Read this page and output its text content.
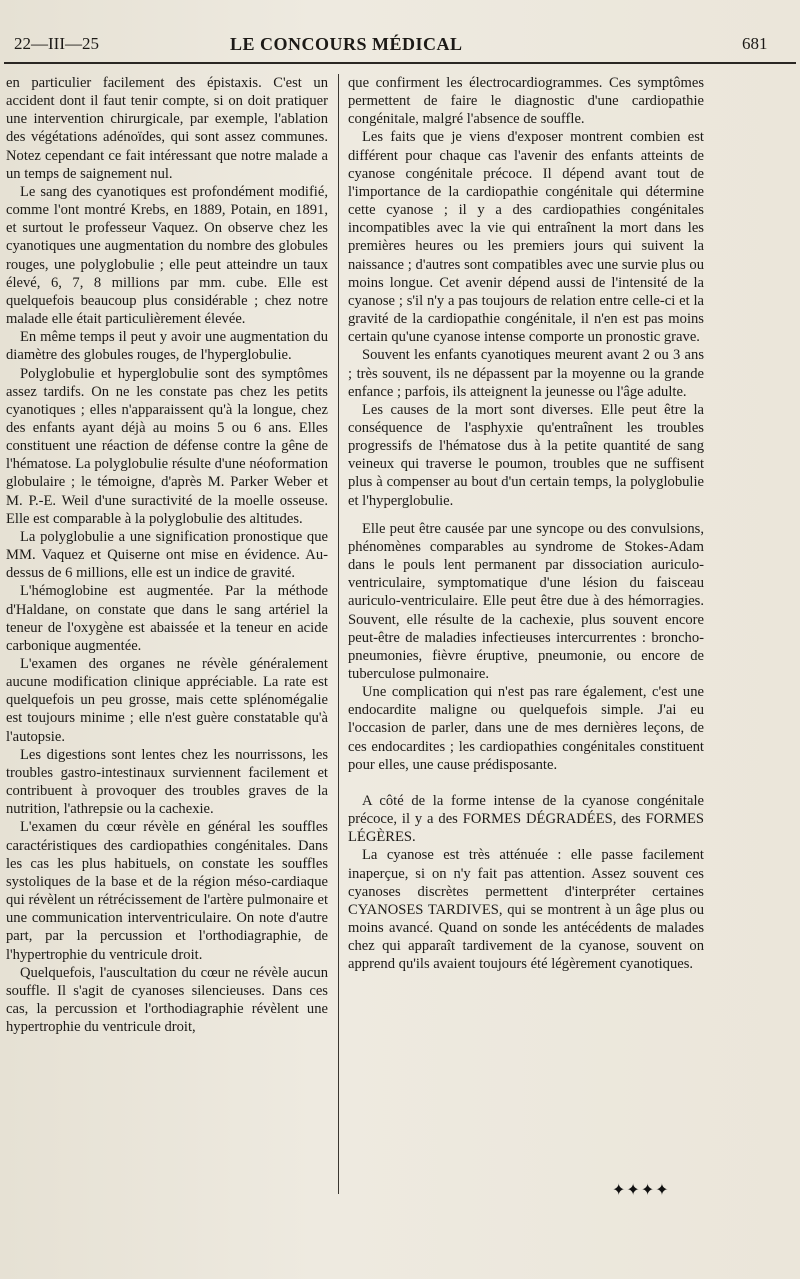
22—III—25	LE CONCOURS MÉDICAL	681

en particulier facilement des épistaxis. C'est un accident dont il faut tenir compte, si on doit pratiquer une intervention chirurgicale, par exemple, l'ablation des végétations adénoïdes, qui sont assez communes. Notez cependant ce fait intéressant que notre malade a un temps de saignement nul.

Le sang des cyanotiques est profondément modifié, comme l'ont montré Krebs, en 1889, Potain, en 1891, et surtout le professeur Vaquez. On observe chez les cyanotiques une augmentation du nombre des globules rouges, une polyglobulie ; elle peut atteindre un taux élevé, 6, 7, 8 millions par mm. cube. Elle est quelquefois beaucoup plus considérable ; chez notre malade elle était particulièrement élevée.

En même temps il peut y avoir une augmentation du diamètre des globules rouges, de l'hyperglobulie.

Polyglobulie et hyperglobulie sont des symptômes assez tardifs. On ne les constate pas chez les petits cyanotiques ; elles n'apparaissent qu'à la longue, chez des enfants ayant déjà au moins 5 ou 6 ans. Elles constituent une réaction de défense contre la gêne de l'hématose. La polyglobulie résulte d'une néoformation globulaire ; le témoigne, d'après M. Parker Weber et M. P.-E. Weil d'une suractivité de la moelle osseuse. Elle est comparable à la polyglobulie des altitudes.

La polyglobulie a une signification pronostique que MM. Vaquez et Quiserne ont mise en évidence. Au-dessus de 6 millions, elle est un indice de gravité.

L'hémoglobine est augmentée. Par la méthode d'Haldane, on constate que dans le sang artériel la teneur de l'oxygène est abaissée et la teneur en acide carbonique augmentée.

L'examen des organes ne révèle généralement aucune modification clinique appréciable. La rate est quelquefois un peu grosse, mais cette splénomégalie est toujours minime ; elle n'est guère constatable qu'à l'autopsie.

Les digestions sont lentes chez les nourrissons, les troubles gastro-intestinaux surviennent facilement et contribuent à provoquer des troubles graves de la nutrition, l'athrepsie ou la cachexie.

L'examen du cœur révèle en général les souffles caractéristiques des cardiopathies congénitales. Dans les cas les plus habituels, on constate les souffles systoliques de la base et de la région méso-cardiaque qui révèlent un rétrécissement de l'artère pulmonaire et une communication interventriculaire. On note d'autre part, par la percussion et l'orthodiagraphie, de l'hypertrophie du ventricule droit.

Quelquefois, l'auscultation du cœur ne révèle aucun souffle. Il s'agit de cyanoses silencieuses. Dans ces cas, la percussion et l'orthodiagraphie révèlent une hypertrophie du ventricule droit,

que confirment les électrocardiogrammes. Ces symptômes permettent de faire le diagnostic d'une cardiopathie congénitale, malgré l'absence de souffle.

Les faits que je viens d'exposer montrent combien est différent pour chaque cas l'avenir des enfants atteints de cyanose congénitale précoce. Il dépend avant tout de l'importance de la cardiopathie congénitale qui détermine cette cyanose ; il y a des cardiopathies congénitales incompatibles avec la vie qui entraînent la mort dans les premières heures ou les premiers jours qui suivent la naissance ; d'autres sont compatibles avec une survie plus ou moins longue. Cet avenir dépend aussi de l'intensité de la cyanose ; s'il n'y a pas toujours de relation entre celle-ci et la gravité de la cardiopathie congénitale, il n'en est pas moins certain qu'une cyanose intense comporte un pronostic grave.

Souvent les enfants cyanotiques meurent avant 2 ou 3 ans ; très souvent, ils ne dépassent par la moyenne ou la grande enfance ; parfois, ils atteignent la jeunesse ou l'âge adulte.

Les causes de la mort sont diverses. Elle peut être la conséquence de l'asphyxie qu'entraînent les troubles progressifs de l'hématose dus à la petite quantité de sang veineux qui traverse le poumon, troubles que ne suffisent plus à compenser au bout d'un certain temps, la polyglobulie et l'hyperglobulie.

Elle peut être causée par une syncope ou des convulsions, phénomènes comparables au syndrome de Stokes-Adam dans le pouls lent permanent par dissociation auriculo-ventriculaire, symptomatique d'une lésion du faisceau auriculo-ventriculaire. Elle peut être due à des hémorragies. Souvent, elle résulte de la cachexie, plus souvent encore peut-être de maladies infectieuses intercurrentes : broncho-pneumonies, fièvre éruptive, pneumonie, ou encore de tuberculose pulmonaire.

Une complication qui n'est pas rare également, c'est une endocardite maligne ou quelquefois simple. J'ai eu l'occasion de parler, dans une de mes dernières leçons, de ces endocardites ; les cardiopathies congénitales constituent pour elles, une cause prédisposante.

A côté de la forme intense de la cyanose congénitale précoce, il y a des FORMES DÉGRADÉES, des FORMES LÉGÈRES.

La cyanose est très atténuée : elle passe facilement inaperçue, si on n'y fait pas attention. Assez souvent ces cyanoses discrètes permettent d'interpréter certaines CYANOSES TARDIVES, qui se montrent à un âge plus ou moins avancé. Quand on sonde les antécédents de malades chez qui apparaît tardivement de la cyanose, souvent on apprend qu'ils avaient toujours été légèrement cyanotiques.

✦✦✦✦
